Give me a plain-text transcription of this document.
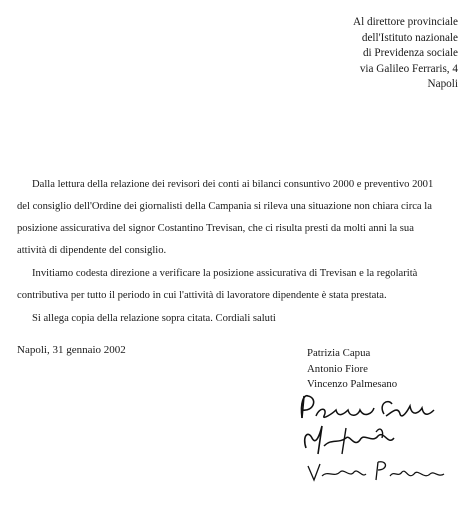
Al direttore provinciale
dell'Istituto nazionale
di Previdenza sociale
via Galileo Ferraris, 4
Napoli
Dalla lettura della relazione dei revisori dei conti ai bilanci consuntivo 2000 e preventivo 2001
del consiglio dell'Ordine dei giornalisti della Campania si rileva una situazione non chiara circa la
posizione assicurativa del signor Costantino Trevisan, che ci risulta presti da molti anni la sua
attività di dipendente del consiglio.
Invitiamo codesta direzione a verificare la posizione assicurativa di Trevisan e la regolarità
contributiva per tutto il periodo in cui l'attività di lavoratore dipendente è stata prestata.
Si allega copia della relazione sopra citata. Cordiali saluti
Napoli, 31 gennaio 2002	Patrizia Capua
Antonio Fiore
Vincenzo Palmesano
